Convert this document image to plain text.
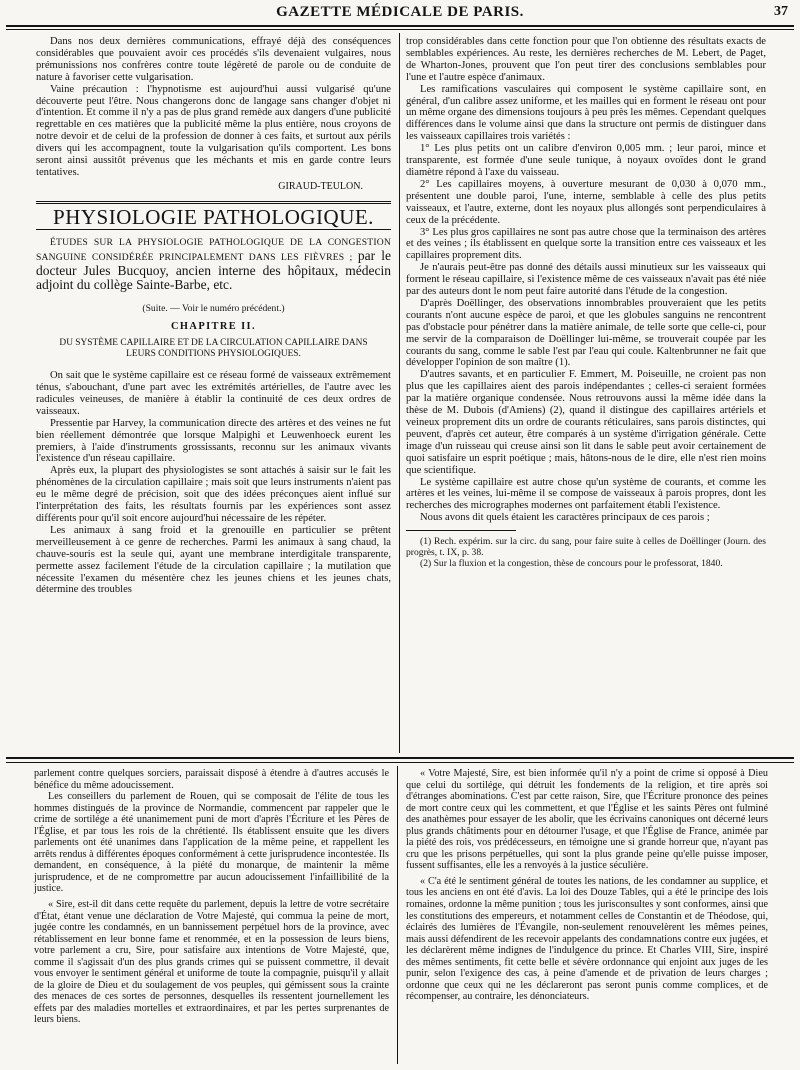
GAZETTE MÉDICALE DE PARIS.	37

Dans nos deux dernières communications, effrayé déjà des conséquences considérables que pouvaient avoir ces procédés s'ils devenaient vulgaires, nous prémunissions nos confrères contre toute légèreté de parole ou de conduite de nature à favoriser cette vulgarisation.

Vaine précaution : l'hypnotisme est aujourd'hui aussi vulgarisé qu'une découverte peut l'être. Nous changerons donc de langage sans changer d'objet ni d'intention. Et comme il n'y a pas de plus grand remède aux dangers d'une publicité regrettable en ces matières que la publicité même la plus entière, nous croyons de notre devoir et de celui de la profession de donner à ces faits, et surtout aux périls divers qui les accompagnent, toute la vulgarisation qu'ils comportent. Les bons seront ainsi aussitôt prévenus que les méchants et mis en garde contre leurs tentatives.

GIRAUD-TEULON.
PHYSIOLOGIE PATHOLOGIQUE.

ÉTUDES SUR LA PHYSIOLOGIE PATHOLOGIQUE DE LA CONGESTION SANGUINE CONSIDÉRÉE PRINCIPALEMENT DANS LES FIÈVRES ; par le docteur Jules Bucquoy, ancien interne des hôpitaux, médecin adjoint du collège Sainte-Barbe, etc.

(Suite. — Voir le numéro précédent.)
CHAPITRE II.
DU SYSTÈME CAPILLAIRE ET DE LA CIRCULATION CAPILLAIRE DANS LEURS CONDITIONS PHYSIOLOGIQUES.

On sait que le système capillaire est ce réseau formé de vaisseaux extrêmement ténus, s'abouchant, d'une part avec les extrémités artérielles, de l'autre avec les radicules veineuses, de manière à établir la continuité de ces deux ordres de vaisseaux.

Pressentie par Harvey, la communication directe des artères et des veines ne fut bien réellement démontrée que lorsque Malpighi et Leuwenhoeck eurent les premiers, à l'aide d'instruments grossissants, reconnu sur les animaux vivants l'existence d'un réseau capillaire.

Après eux, la plupart des physiologistes se sont attachés à saisir sur le fait les phénomènes de la circulation capillaire ; mais soit que leurs instruments n'aient pas eu le même degré de précision, soit que des idées préconçues aient influé sur l'interprétation des faits, les résultats fournis par les expériences sont assez différents pour qu'il soit encore aujourd'hui nécessaire de les répéter.

Les animaux à sang froid et la grenouille en particulier se prêtent merveilleusement à ce genre de recherches. Parmi les animaux à sang chaud, la chauve-souris est la seule qui, ayant une membrane interdigitale transparente, permette assez facilement l'étude de la circulation capillaire ; la mutilation que nécessite l'examen du mésentère chez les jeunes chiens et les jeunes chats, détermine des troubles

trop considérables dans cette fonction pour que l'on obtienne des résultats exacts de semblables expériences. Au reste, les dernières recherches de M. Lebert, de Paget, de Wharton-Jones, prouvent que l'on peut tirer des conclusions semblables pour l'une et l'autre espèce d'animaux.

Les ramifications vasculaires qui composent le système capillaire sont, en général, d'un calibre assez uniforme, et les mailles qui en forment le réseau ont pour un même organe des dimensions toujours à peu près les mêmes. Cependant quelques différences dans le volume ainsi que dans la structure ont permis de distinguer dans les vaisseaux capillaires trois variétés :

1° Les plus petits ont un calibre d'environ 0,005 mm. ; leur paroi, mince et transparente, est formée d'une seule tunique, à noyaux ovoïdes dont le grand diamètre répond à l'axe du vaisseau.

2° Les capillaires moyens, à ouverture mesurant de 0,030 à 0,070 mm., présentent une double paroi, l'une, interne, semblable à celle des plus petits vaisseaux, et l'autre, externe, dont les noyaux plus allongés sont perpendiculaires à ceux de la précédente.

3° Les plus gros capillaires ne sont pas autre chose que la terminaison des artères et des veines ; ils établissent en quelque sorte la transition entre ces vaisseaux et les capillaires proprement dits.

Je n'aurais peut-être pas donné des détails aussi minutieux sur les vaisseaux qui forment le réseau capillaire, si l'existence même de ces vaisseaux n'avait pas été niée par des auteurs dont le nom peut faire autorité dans l'étude de la congestion.

D'après Doëllinger, des observations innombrables prouveraient que les petits courants n'ont aucune espèce de paroi, et que les globules sanguins ne rencontrent pas d'obstacle pour pénétrer dans la matière animale, de telle sorte que celle-ci, pour me servir de la comparaison de Doëllinger lui-même, se trouverait coupée par les courants du sang, comme le sable l'est par l'eau qui coule. Kaltenbrunner ne fait que développer l'opinion de son maître (1).

D'autres savants, et en particulier F. Emmert, M. Poiseuille, ne croient pas non plus que les capillaires aient des parois indépendantes ; celles-ci seraient formées par la matière organique condensée. Nous retrouvons aussi la même idée dans la thèse de M. Dubois (d'Amiens) (2), quand il distingue des capillaires artériels et veineux proprement dits un ordre de courants réticulaires, sans parois distinctes, qui peuvent, d'après cet auteur, être comparés à un système d'irrigation générale. Cette image d'un ruisseau qui creuse ainsi son lit dans le sable peut avoir certainement de quoi satisfaire un esprit poétique ; mais, hâtons-nous de le dire, elle n'est rien moins que scientifique.

Le système capillaire est autre chose qu'un système de courants, et comme les artères et les veines, lui-même il se compose de vaisseaux à parois propres, dont les recherches des micrographes modernes ont parfaitement établi l'existence.

Nous avons dit quels étaient les caractères principaux de ces parois ;

(1) Rech. expérim. sur la circ. du sang, pour faire suite à celles de Doëllinger (Journ. des progrès, t. IX, p. 38.

(2) Sur la fluxion et la congestion, thèse de concours pour le professorat, 1840.

parlement contre quelques sorciers, paraissait disposé à étendre à d'autres accusés le bénéfice du même adoucissement.

Les conseillers du parlement de Rouen, qui se composait de l'élite de tous les hommes distingués de la province de Normandie, commencent par rappeler que le crime de sortilége a été unanimement puni de mort d'après l'Écriture et les Pères de l'Église, et par tous les rois de la chrétienté. Ils établissent ensuite que les divers parlements ont été unanimes dans l'application de la même peine, et rappellent les arrêts rendus à différentes époques conformément à cette jurisprudence incontestée. Ils demandent, en conséquence, à la piété du monarque, de maintenir la même jurisprudence, et de ne compromettre par aucun adoucissement l'infaillibilité de la justice.

« Sire, est-il dit dans cette requête du parlement, depuis la lettre de votre secrétaire d'État, étant venue une déclaration de Votre Majesté, qui commua la peine de mort, jugée contre les condamnés, en un bannissement perpétuel hors de la province, avec rétablissement en leur bonne fame et renommée, et en la possession de leurs biens, votre parlement a cru, Sire, pour satisfaire aux intentions de Votre Majesté, que, comme il s'agissait d'un des plus grands crimes qui se puissent commettre, il devait vous envoyer le sentiment général et uniforme de toute la compagnie, puisqu'il y allait de la gloire de Dieu et du soulagement de vos peuples, qui gémissent sous la crainte des menaces de ces sortes de personnes, desquelles ils ressentent journellement les effets par des maladies mortelles et extraordinaires, et par les pertes surprenantes de leurs biens.

« Votre Majesté, Sire, est bien informée qu'il n'y a point de crime si opposé à Dieu que celui du sortilége, qui détruit les fondements de la religion, et tire après soi d'étranges abominations. C'est par cette raison, Sire, que l'Écriture prononce des peines de mort contre ceux qui les commettent, et que l'Église et les saints Pères ont fulminé des anathèmes pour essayer de les abolir, que les écrivains canoniques ont décerné leurs plus grands châtiments pour en détourner l'usage, et que l'Église de France, animée par la piété des rois, vos prédécesseurs, en témoigne une si grande horreur que, n'ayant pas cru que les prisons perpétuelles, qui sont la plus grande peine qu'elle puisse imposer, fussent suffisantes, elle les a renvoyés à la justice séculière.

« C'a été le sentiment général de toutes les nations, de les condamner au supplice, et tous les anciens en ont été d'avis. La loi des Douze Tables, qui a été le principe des lois romaines, ordonne la même punition ; tous les jurisconsultes y sont conformes, ainsi que les constitutions des empereurs, et notamment celles de Constantin et de Théodose, qui, éclairés des lumières de l'Évangile, non-seulement renouvelèrent les mêmes peines, mais aussi défendirent de les recevoir appelants des condamnations contre eux jugées, et les déclarèrent même indignes de l'indulgence du prince. Et Charles VIII, Sire, inspiré des mêmes sentiments, fit cette belle et sévère ordonnance qui enjoint aux juges de les punir, selon l'exigence des cas, à peine d'amende et de privation de leurs charges ; ordonne que ceux qui ne les déclareront pas seront punis comme complices, et de récompenser, au contraire, les dénonciateurs.
